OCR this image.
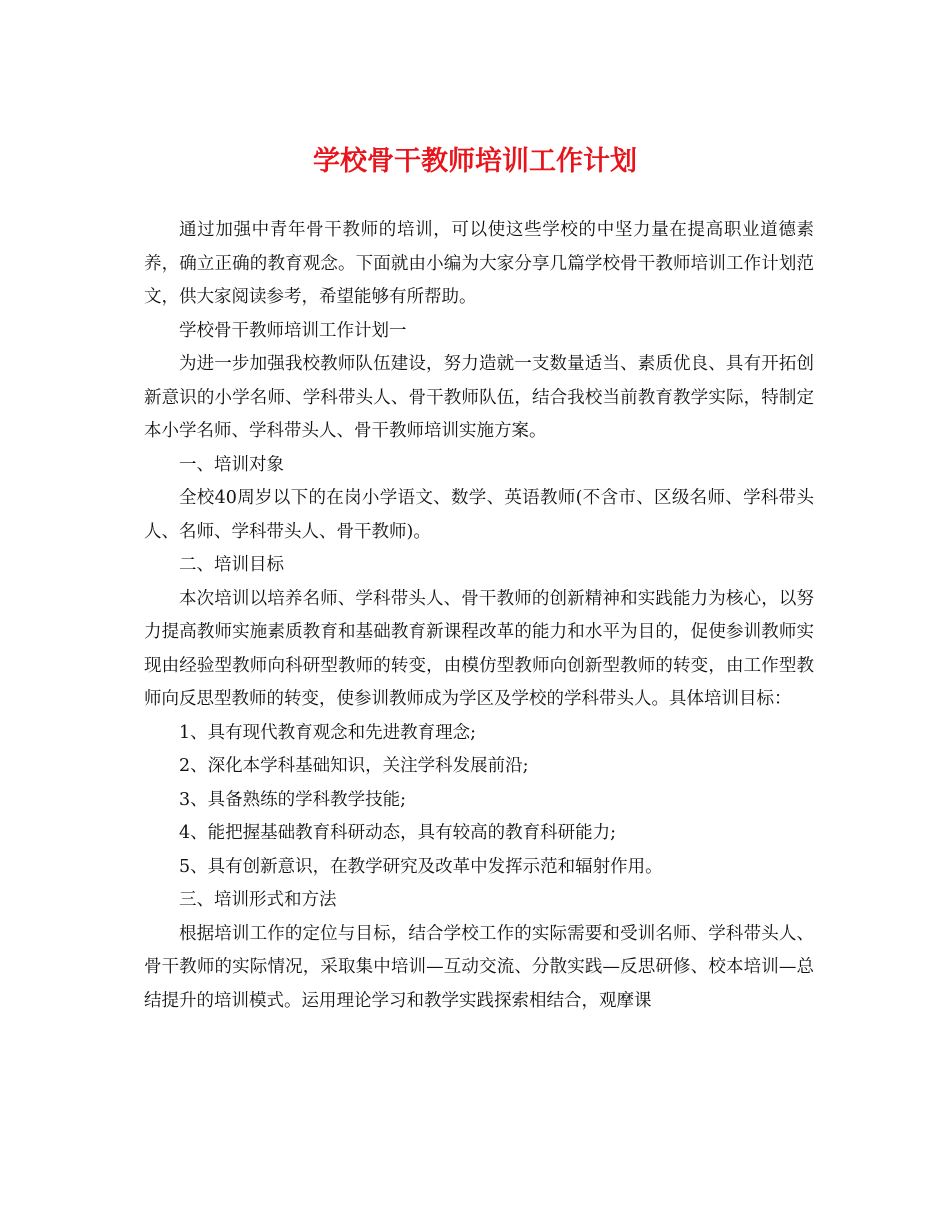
学校骨干教师培训工作计划

通过加强中青年骨干教师的培训，可以使这些学校的中坚力量在提高职业道德素养，确立正确的教育观念。下面就由小编为大家分享几篇学校骨干教师培训工作计划范文，供大家阅读参考，希望能够有所帮助。

学校骨干教师培训工作计划一

为进一步加强我校教师队伍建设，努力造就一支数量适当、素质优良、具有开拓创新意识的小学名师、学科带头人、骨干教师队伍，结合我校当前教育教学实际，特制定本小学名师、学科带头人、骨干教师培训实施方案。

一、培训对象

全校40周岁以下的在岗小学语文、数学、英语教师(不含市、区级名师、学科带头人、名师、学科带头人、骨干教师)。

二、培训目标

本次培训以培养名师、学科带头人、骨干教师的创新精神和实践能力为核心，以努力提高教师实施素质教育和基础教育新课程改革的能力和水平为目的，促使参训教师实现由经验型教师向科研型教师的转变，由模仿型教师向创新型教师的转变，由工作型教师向反思型教师的转变，使参训教师成为学区及学校的学科带头人。具体培训目标：

1、具有现代教育观念和先进教育理念;

2、深化本学科基础知识，关注学科发展前沿;

3、具备熟练的学科教学技能;

4、能把握基础教育科研动态，具有较高的教育科研能力;

5、具有创新意识，在教学研究及改革中发挥示范和辐射作用。

三、培训形式和方法

根据培训工作的定位与目标，结合学校工作的实际需要和受训名师、学科带头人、骨干教师的实际情况，采取集中培训—互动交流、分散实践—反思研修、校本培训—总结提升的培训模式。运用理论学习和教学实践探索相结合，观摩课
